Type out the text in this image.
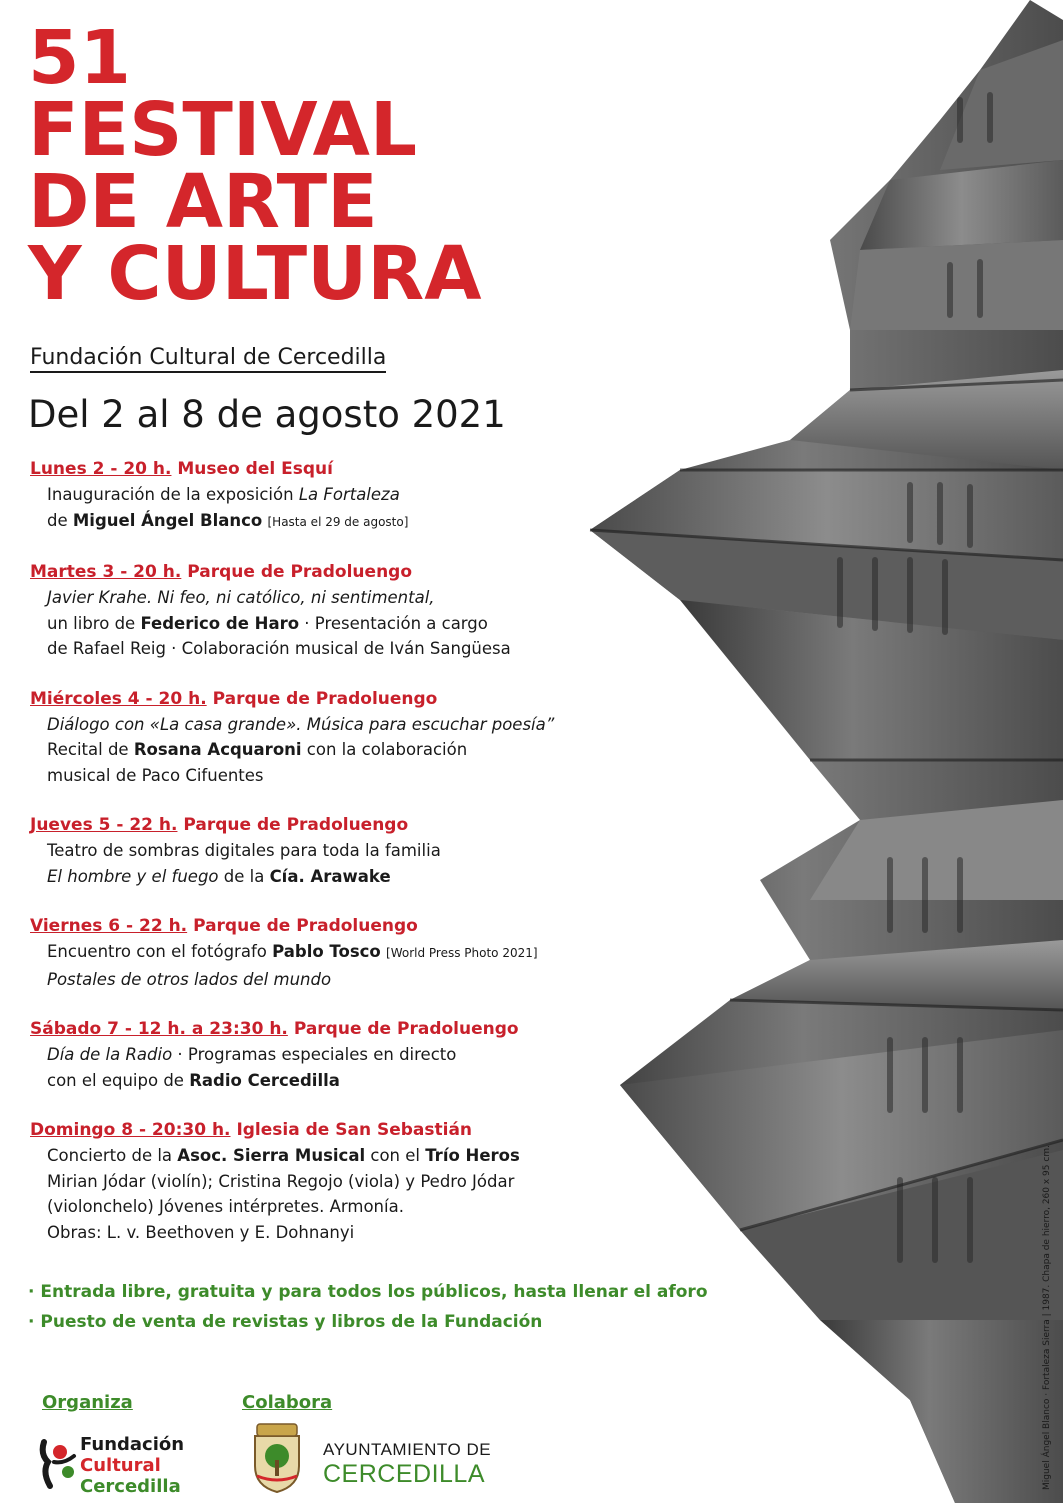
51
FESTIVAL
DE ARTE
Y CULTURA
Fundación Cultural de Cercedilla
Del 2 al 8 de agosto 2021
Lunes 2 - 20 h. Museo del Esquí
Inauguración de la exposición La Fortaleza
de Miguel Ángel Blanco [Hasta el 29 de agosto]
Martes 3 - 20 h. Parque de Pradoluengo
Javier Krahe. Ni feo, ni católico, ni sentimental,
un libro de Federico de Haro · Presentación a cargo
de Rafael Reig · Colaboración musical de Iván Sangüesa
Miércoles 4 - 20 h. Parque de Pradoluengo
Diálogo con «La casa grande». Música para escuchar poesía”
Recital de Rosana Acquaroni con la colaboración
musical de Paco Cifuentes
Jueves 5 - 22 h. Parque de Pradoluengo
Teatro de sombras digitales para toda la familia
El hombre y el fuego de la Cía. Arawake
Viernes 6 - 22 h. Parque de Pradoluengo
Encuentro con el fotógrafo Pablo Tosco [World Press Photo 2021]
Postales de otros lados del mundo
Sábado 7 - 12 h. a 23:30 h. Parque de Pradoluengo
Día de la Radio · Programas especiales en directo
con el equipo de Radio Cercedilla
Domingo 8 - 20:30 h. Iglesia de San Sebastián
Concierto de la Asoc. Sierra Musical con el Trío Heros
Mirian Jódar (violín); Cristina Regojo (viola) y Pedro Jódar
(violonchelo) Jóvenes intérpretes. Armonía.
Obras: L. v. Beethoven y E. Dohnanyi
· Entrada libre, gratuita y para todos los públicos, hasta llenar el aforo
· Puesto de venta de revistas y libros de la Fundación
Organiza	Colabora
Fundación
Cultural
Cercedilla
AYUNTAMIENTO DE
CERCEDILLA	Miguel Ángel Blanco · Fortaleza Sierra | 1987. Chapa de hierro, 260 x 95 cm.
